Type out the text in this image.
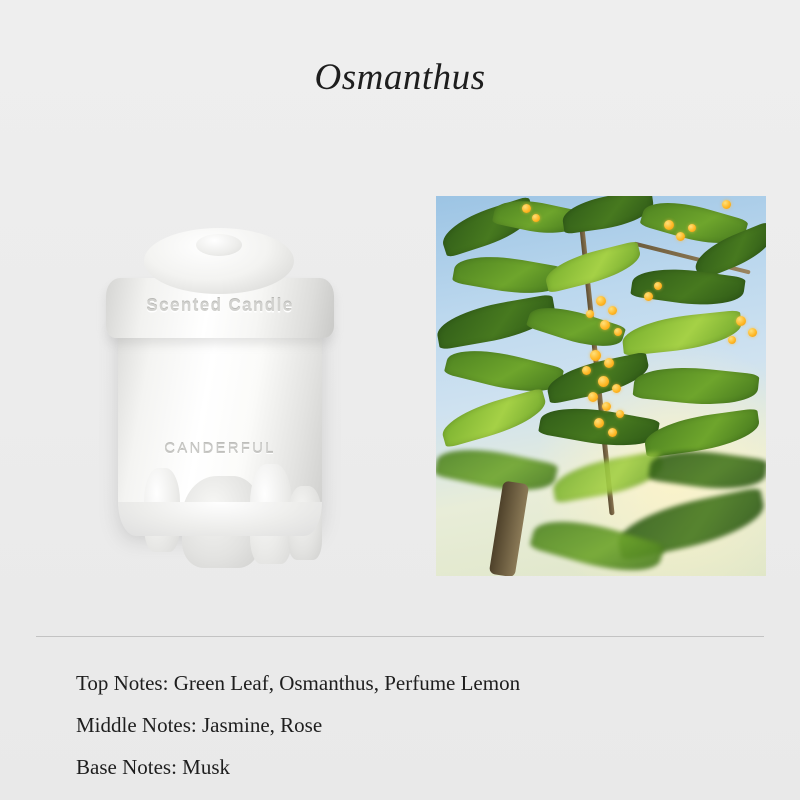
Osmanthus
CANDERFUL
Scented Candle
Top Notes: Green Leaf, Osmanthus, Perfume Lemon
Middle Notes: Jasmine, Rose
Base Notes: Musk
